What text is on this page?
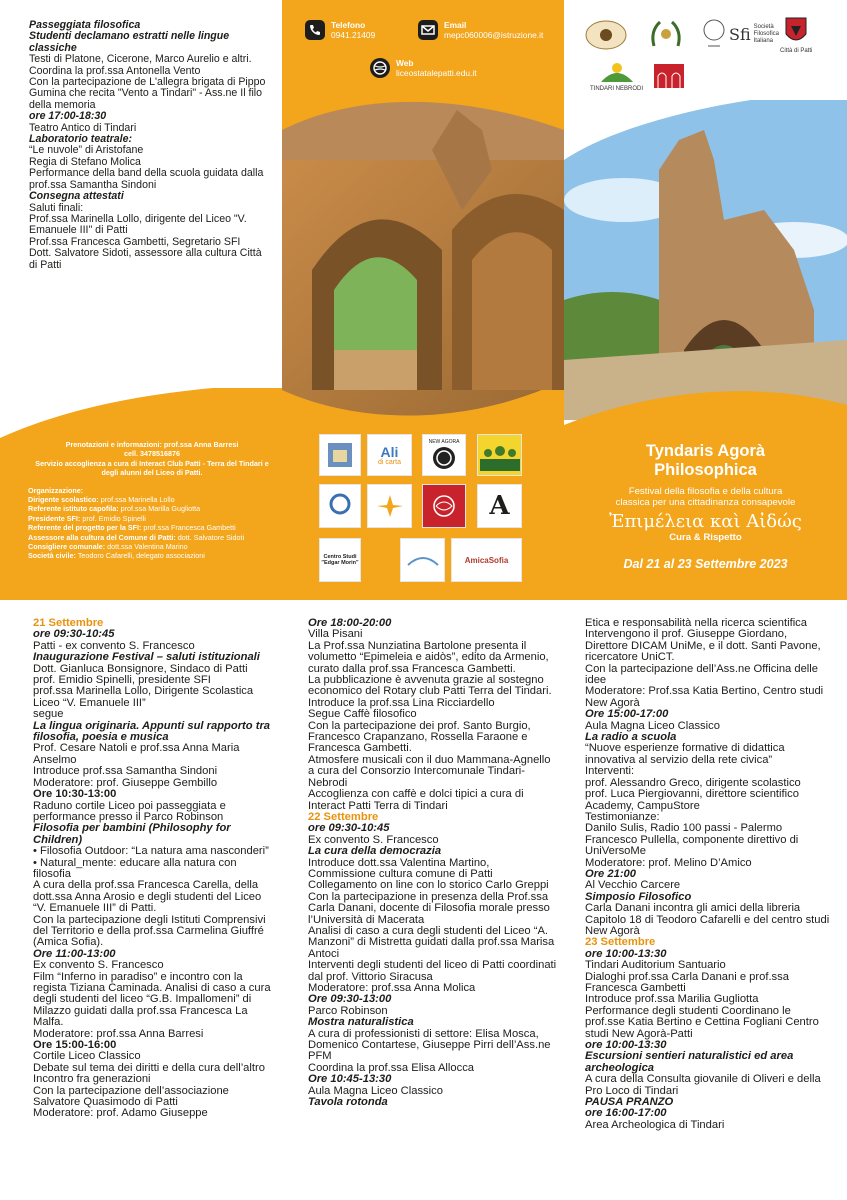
Passeggiata filosofica

Studenti declamano estratti nelle lingue classiche

Testi di Platone, Cicerone, Marco Aurelio e altri.

Coordina la prof.ssa Antonella Vento

Con la partecipazione de L'allegra brigata di Pippo Gumina che recita "Vento a Tindari" - Ass.ne Il filo della memoria

ore 17:00-18:30

Teatro Antico di Tindari

Laboratorio teatrale:

“Le nuvole” di Aristofane

Regia di Stefano Molica

Performance della band della scuola guidata dalla prof.ssa Samantha Sindoni

Consegna attestati

Saluti finali:

Prof.ssa Marinella Lollo, dirigente del Liceo "V. Emanuele III" di Patti

Prof.ssa Francesca Gambetti, Segretario SFI

Dott. Salvatore Sidoti, assessore alla cultura Città di Patti

Prenotazioni e informazioni: prof.ssa Anna Barresi
cell. 3478516876
Servizio accoglienza a cura di Interact Club Patti - Terra del Tindari e degli alunni del Liceo di Patti.
Organizzazione:
Dirigente scolastico: prof.ssa Marinella Lollo
Referente istituto capofila: prof.ssa Marilla Gugliotta
Presidente SFI: prof. Emidio Spinelli
Referente del progetto per la SFI: prof.ssa Francesca Gambetti
Assessore alla cultura del Comune di Patti: dott. Salvatore Sidoti
Consigliere comunale: dott.ssa Valentina Marino
Società civile: Teodoro Cafarelli, delegato associazioni
Telefono
0941.21409
Email
mepc060006@istruzione.it
Web
liceostatalepatti.edu.it
Ali
di carta
NEW AGORA
A
Centro Studi "Edgar Morin"	AmicaSofia
Tyndaris Agorà
Philosophica
Festival della filosofia e della cultura
classica per una cittadinanza consapevole
Ἐπιμέλεια καὶ Αἰδώς
Cura & Rispetto
Dal 21 al 23 Settembre 2023
Sfi Società Filosofica Italiana
Città di Patti
TINDARI NEBRODI

21 Settembre

ore 09:30-10:45

Patti - ex convento S. Francesco

Inaugurazione Festival – saluti istituzionali

Dott. Gianluca Bonsignore, Sindaco di Patti

prof. Emidio Spinelli, presidente SFI

prof.ssa Marinella Lollo, Dirigente Scolastica Liceo “V. Emanuele III”

segue

La lingua originaria. Appunti sul rapporto tra filosofia, poesia e musica

Prof. Cesare Natoli e prof.ssa Anna Maria Anselmo

Introduce prof.ssa Samantha Sindoni

Moderatore: prof. Giuseppe Gembillo

Ore 10:30-13:00

Raduno cortile Liceo poi passeggiata e performance presso il Parco Robinson

Filosofia per bambini (Philosophy for Children)

• Filosofia Outdoor: “La natura ama nasconderi”

• Natural_mente: educare alla natura con filosofia

A cura della prof.ssa Francesca Carella, della dott.ssa Anna Arosio e degli studenti del Liceo “V. Emanuele III” di Patti.

Con la partecipazione degli Istituti Comprensivi del Territorio e della prof.ssa Carmelina Giuffré (Amica Sofia).

Ore 11:00-13:00

Ex convento S. Francesco

Film “Inferno in paradiso” e incontro con la regista Tiziana Caminada. Analisi di caso a cura degli studenti del liceo “G.B. Impallomeni” di Milazzo guidati dalla prof.ssa Francesca La Malfa.

Moderatore: prof.ssa Anna Barresi

Ore 15:00-16:00

Cortile Liceo Classico

Debate sul tema dei diritti e della cura dell’altro

Incontro fra generazioni

Con la partecipazione dell’associazione Salvatore Quasimodo di Patti

Moderatore: prof. Adamo Giuseppe

Ore 18:00-20:00

Villa Pisani

La Prof.ssa Nunziatina Bartolone presenta il volumetto “Epimeleia e aidòs”, edito da Armenio, curato dalla prof.ssa Francesca Gambetti.

La pubblicazione è avvenuta grazie al sostegno economico del Rotary club Patti Terra del Tindari.

Introduce la prof.ssa Lina Ricciardello

Segue Caffè filosofico

Con la partecipazione dei prof. Santo Burgio, Francesco Crapanzano, Rossella Faraone e Francesca Gambetti.

Atmosfere musicali con il duo Mammana-Agnello a cura del Consorzio Intercomunale Tindari-Nebrodi

Accoglienza con caffè e dolci tipici a cura di Interact Patti Terra di Tindari

22 Settembre

ore 09:30-10:45

Ex convento S. Francesco

La cura della democrazia

Introduce dott.ssa Valentina Martino, Commissione cultura comune di Patti

Collegamento on line con lo storico Carlo Greppi

Con la partecipazione in presenza della Prof.ssa Carla Danani, docente di Filosofia morale presso l’Università di Macerata

Analisi di caso a cura degli studenti del Liceo “A. Manzoni” di Mistretta guidati dalla prof.ssa Marisa Antoci

Interventi degli studenti del liceo di Patti coordinati dal prof. Vittorio Siracusa

Moderatore: prof.ssa Anna Molica

Ore 09:30-13:00

Parco Robinson

Mostra naturalistica

A cura di professionisti di settore: Elisa Mosca, Domenico Contartese, Giuseppe Pirri dell’Ass.ne PFM

Coordina la prof.ssa Elisa Allocca

Ore 10:45-13:30

Aula Magna Liceo Classico

Tavola rotonda

Etica e responsabilità nella ricerca scientifica

Intervengono il prof. Giuseppe Giordano, Direttore DICAM UniMe, e il dott. Santi Pavone, ricercatore UniCT.

Con la partecipazione dell’Ass.ne Officina delle idee

Moderatore: Prof.ssa Katia Bertino, Centro studi New Agorà

Ore 15:00-17:00

Aula Magna Liceo Classico

La radio a scuola

“Nuove esperienze formative di didattica innovativa al servizio della rete civica”

Interventi:

prof. Alessandro Greco, dirigente scolastico

prof. Luca Piergiovanni, direttore scientifico Academy, CampuStore

Testimonianze:

Danilo Sulis, Radio 100 passi - Palermo

Francesco Pullella, componente direttivo di UniVersoMe

Moderatore: prof. Melino D’Amico

Ore 21:00

Al Vecchio Carcere

Simposio Filosofico

Carla Danani incontra gli amici della libreria Capitolo 18 di Teodoro Cafarelli e del centro studi New Agorà

23 Settembre

ore 10:00-13:30

Tindari Auditorium Santuario

Dialoghi prof.ssa Carla Danani e prof.ssa Francesca Gambetti

Introduce prof.ssa Marilia Gugliotta

Performance degli studenti Coordinano le prof.sse Katia Bertino e Cettina Fogliani Centro studi New Agorà-Patti

ore 10:00-13:30

Escursioni sentieri naturalistici ed area archeologica

A cura della Consulta giovanile di Oliveri e della Pro Loco di Tindari

PAUSA PRANZO

ore 16:00-17:00

Area Archeologica di Tindari
